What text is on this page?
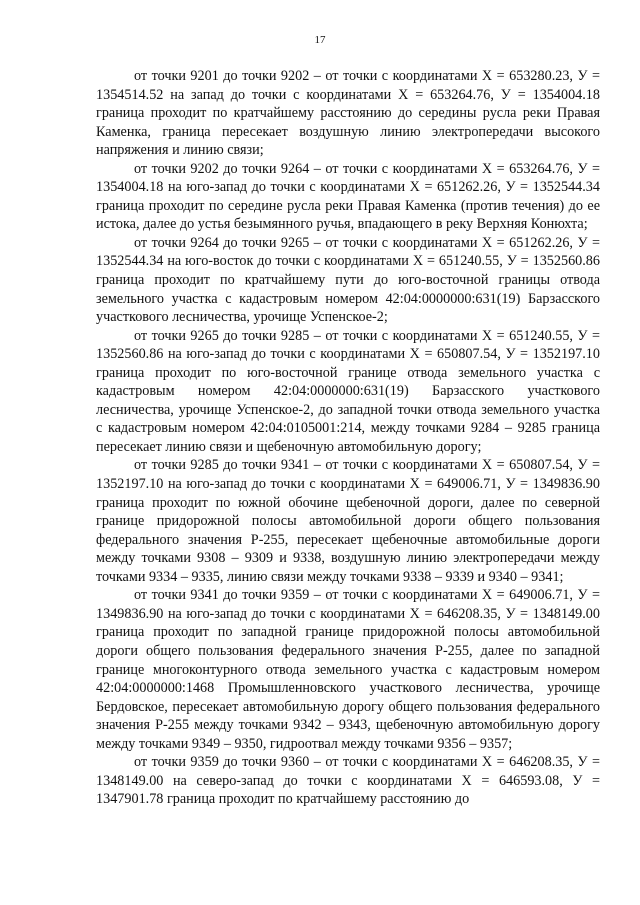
17

от точки 9201 до точки 9202 – от точки с координатами Х = 653280.23, У = 1354514.52 на запад до точки с координатами Х = 653264.76, У = 1354004.18 граница проходит по кратчайшему расстоянию до середины русла реки Правая Каменка, граница пересекает воздушную линию электропередачи высокого напряжения и линию связи;

от точки 9202 до точки 9264 – от точки с координатами Х = 653264.76, У = 1354004.18 на юго-запад до точки с координатами Х = 651262.26, У = 1352544.34 граница проходит по середине русла реки Правая Каменка (против течения) до ее истока, далее до устья безымянного ручья, впадающего в реку Верхняя Конюхта;

от точки 9264 до точки 9265 – от точки с координатами Х = 651262.26, У = 1352544.34 на юго-восток до точки с координатами Х = 651240.55, У = 1352560.86 граница проходит по кратчайшему пути до юго-восточной границы отвода земельного участка с кадастровым номером 42:04:0000000:631(19) Барзасского участкового лесничества, урочище Успенское-2;

от точки 9265 до точки 9285 – от точки с координатами Х = 651240.55, У = 1352560.86 на юго-запад до точки с координатами Х = 650807.54, У = 1352197.10 граница проходит по юго-восточной границе отвода земельного участка с кадастровым номером 42:04:0000000:631(19) Барзасского участкового лесничества, урочище Успенское-2, до западной точки отвода земельного участка с кадастровым номером 42:04:0105001:214, между точками 9284 – 9285 граница пересекает линию связи и щебеночную автомобильную дорогу;

от точки 9285 до точки 9341 – от точки с координатами Х = 650807.54, У = 1352197.10 на юго-запад до точки с координатами Х = 649006.71, У = 1349836.90 граница проходит по южной обочине щебеночной дороги, далее по северной границе придорожной полосы автомобильной дороги общего пользования федерального значения Р-255, пересекает щебеночные автомобильные дороги между точками 9308 – 9309 и 9338, воздушную линию электропередачи между точками 9334 – 9335, линию связи между точками 9338 – 9339 и 9340 – 9341;

от точки 9341 до точки 9359 – от точки с координатами Х = 649006.71, У = 1349836.90 на юго-запад до точки с координатами Х = 646208.35, У = 1348149.00 граница проходит по западной границе придорожной полосы автомобильной дороги общего пользования федерального значения Р-255, далее по западной границе многоконтурного отвода земельного участка с кадастровым номером 42:04:0000000:1468 Промышленновского участкового лесничества, урочище Бердовское, пересекает автомобильную дорогу общего пользования федерального значения Р-255 между точками 9342 – 9343, щебеночную автомобильную дорогу между точками 9349 – 9350, гидроотвал между точками 9356 – 9357;

от точки 9359 до точки 9360 – от точки с координатами Х = 646208.35, У = 1348149.00 на северо-запад до точки с координатами Х = 646593.08, У = 1347901.78 граница проходит по кратчайшему расстоянию до
